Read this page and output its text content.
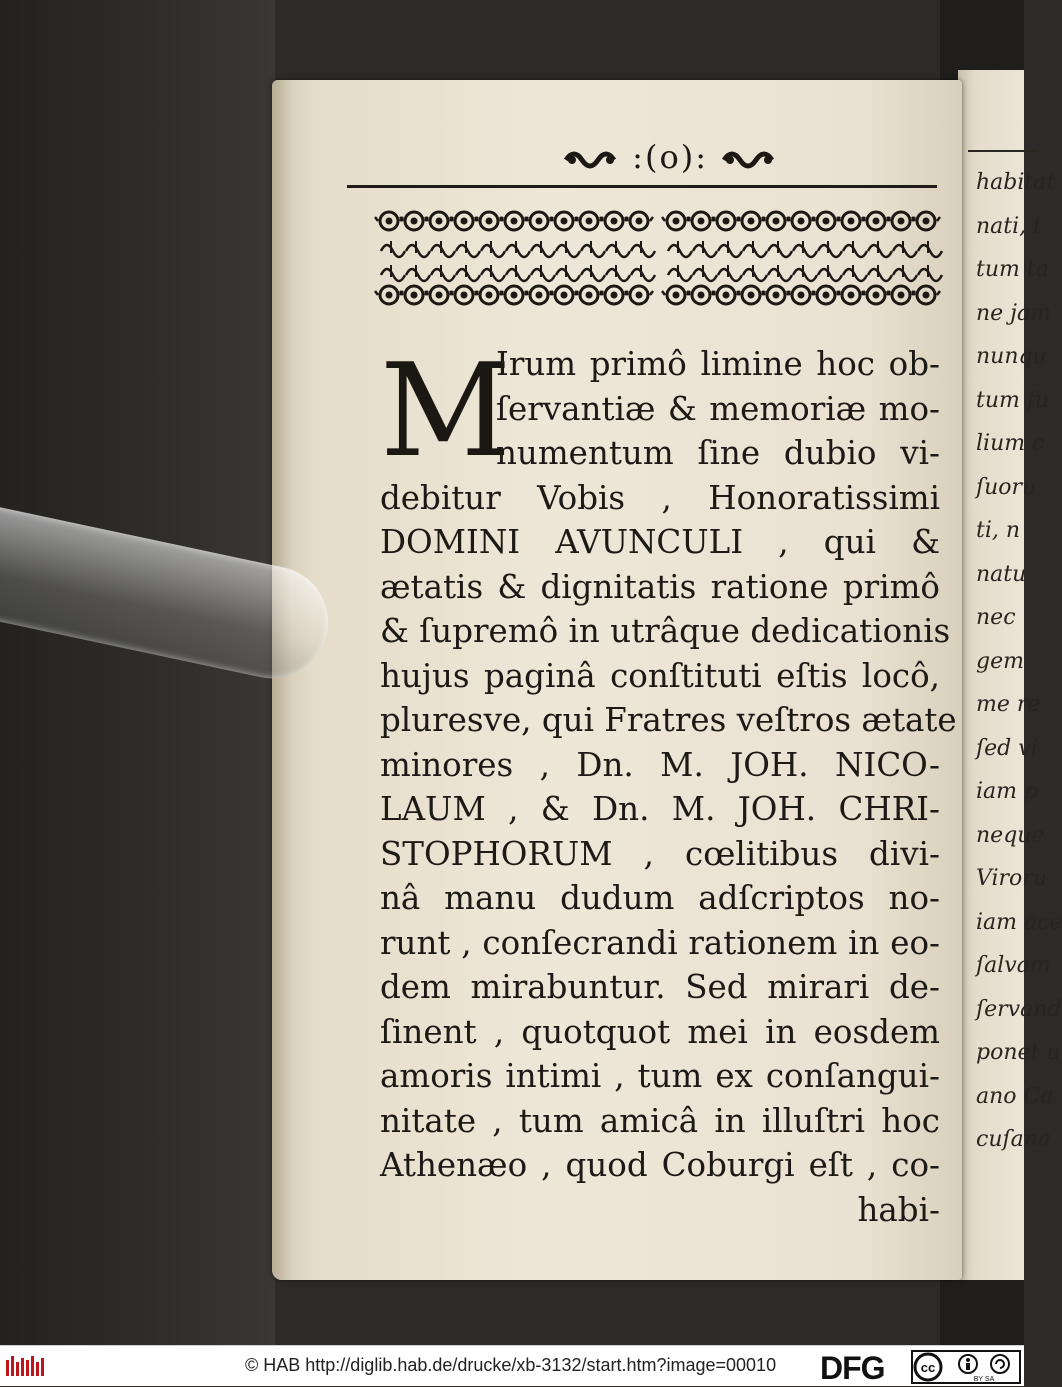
habitat
nati, t
tum ta
ne jam
nunqu
tum fu
lium c
ſuoru
ti, n
natu
nec
gem
me re
ſed vi
iam p
neque
Viroru
iam ace
ſalvam
ſervand
ponet u
ano Ca
cuſana
:(o):
M
Irum primô limine hoc ob-
ſervantiæ & memoriæ mo-
numentum ſine dubio vi-
debitur Vobis , Honoratissimi
DOMINI AVUNCULI , qui &
ætatis & dignitatis ratione primô
& ſupremô in utrâque dedicationis
hujus paginâ conſtituti eſtis locô,
pluresve, qui Fratres veſtros ætate
minores , Dn. M. JOH. NICO-
LAUM , & Dn. M. JOH. CHRI-
STOPHORUM , cœlitibus divi-
nâ manu dudum adſcriptos no-
runt , conſecrandi rationem in eo-
dem mirabuntur. Sed mirari de-
ſinent , quotquot mei in eosdem
amoris intimi , tum ex conſangui-
nitate , tum amicâ in illuſtri hoc
Athenæo , quod Coburgi eſt , co-
habi-
© HAB http://diglib.hab.de/drucke/xb-3132/start.htm?image=00010 DFG	cc
BY SA
